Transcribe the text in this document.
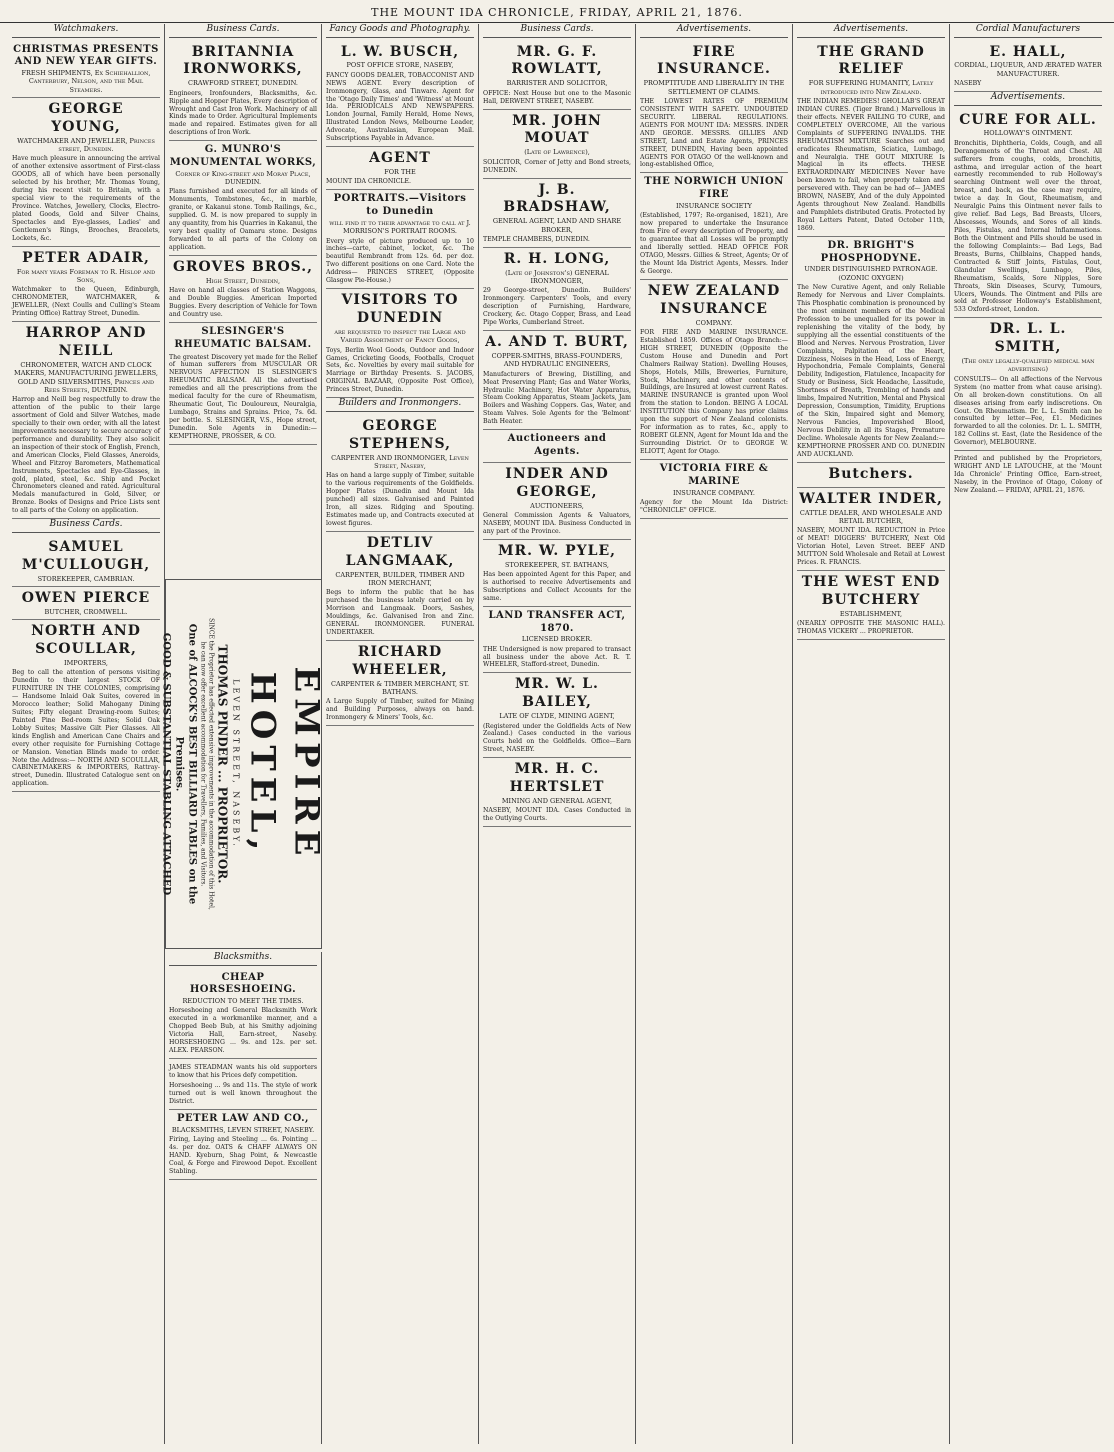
THE MOUNT IDA CHRONICLE, FRIDAY, APRIL 21, 1876.
Watchmakers.
CHRISTMAS PRESENTS AND NEW YEAR GIFTS.
FRESH SHIPMENTS, Ex Schiehallion, Canterbury, Nelson, and the Mail Steamers.
GEORGE YOUNG,
WATCHMAKER AND JEWELLER, Princes street, Dunedin.
Have much pleasure in announcing the arrival of another extensive assortment of First-class GOODS, all of which have been personally selected by his brother, Mr. Thomas Young, during his recent visit to Britain, with a special view to the requirements of the Province. Watches, Jewellery, Clocks, Electro-plated Goods, Gold and Silver Chains, Spectacles and Eye-glasses, Ladies' and Gentlemen's Rings, Brooches, Bracelets, Lockets, &c.
PETER ADAIR,
For many years Foreman to R. Hislop and Sons,
Watchmaker to the Queen, Edinburgh, CHRONOMETER, WATCHMAKER, & JEWELLER, (Next Coulls and Culling's Steam Printing Office) Rattray Street, Dunedin.
HARROP AND NEILL
CHRONOMETER, WATCH AND CLOCK MAKERS, MANUFACTURING JEWELLERS, GOLD AND SILVERSMITHS, Princes and Rees Streets, DUNEDIN.
Harrop and Neill beg respectfully to draw the attention of the public to their large assortment of Gold and Silver Watches, made specially to their own order, with all the latest improvements necessary to secure accuracy of performance and durability. They also solicit an inspection of their stock of English, French, and American Clocks, Field Glasses, Aneroids, Wheel and Fitzroy Barometers, Mathematical Instruments, Spectacles and Eye-Glasses, in gold, plated, steel, &c. Ship and Pocket Chronometers cleaned and rated. Agricultural Medals manufactured in Gold, Silver, or Bronze. Books of Designs and Price Lists sent to all parts of the Colony on application.
Business Cards.
SAMUEL M'CULLOUGH,
STOREKEEPER, CAMBRIAN.
OWEN PIERCE
BUTCHER, CROMWELL.
NORTH AND SCOULLAR,
IMPORTERS,
Beg to call the attention of persons visiting Dunedin to their largest STOCK OF FURNITURE IN THE COLONIES, comprising— Handsome Inlaid Oak Suites, covered in Morocco leather; Solid Mahogany Dining Suites; Fifty elegant Drawing-room Suites; Painted Pine Bed-room Suites; Solid Oak Lobby Suites; Massive Gilt Pier Glasses. All kinds English and American Cane Chairs and every other requisite for Furnishing Cottage or Mansion. Venetian Blinds made to order. Note the Address:— NORTH AND SCOULLAR, CABINETMAKERS & IMPORTERS, Rattray-street, Dunedin. Illustrated Catalogue sent on application.
Business Cards.
BRITANNIA IRONWORKS,
CRAWFORD STREET, DUNEDIN.
Engineers, Ironfounders, Blacksmiths, &c. Ripple and Hopper Plates, Every description of Wrought and Cast Iron Work. Machinery of all Kinds made to Order. Agricultural Implements made and repaired. Estimates given for all descriptions of Iron Work.
G. MUNRO'S MONUMENTAL WORKS,
Corner of King-street and Moray Place, DUNEDIN.
Plans furnished and executed for all kinds of Monuments, Tombstones, &c., in marble, granite, or Kakanui stone. Tomb Railings, &c., supplied. G. M. is now prepared to supply in any quantity, from his Quarries in Kakanui, the very best quality of Oamaru stone. Designs forwarded to all parts of the Colony on application.
GROVES BROS.,
High Street, Dunedin,
Have on hand all classes of Station Waggons, and Double Buggies. American Imported Buggies. Every description of Vehicle for Town and Country use.
SLESINGER'S RHEUMATIC BALSAM.
The greatest Discovery yet made for the Relief of human sufferers from MUSCULAR OR NERVOUS AFFECTION IS SLESINGER'S RHEUMATIC BALSAM. All the advertised remedies and all the prescriptions from the medical faculty for the cure of Rheumatism, Rheumatic Gout, Tic Douloureux, Neuralgia, Lumbago, Strains and Sprains. Price, 7s. 6d. per bottle. S. SLESINGER, V.S., Hope street, Dunedin. Sole Agents in Dunedin:— KEMPTHORNE, PROSSER, & CO.
Fancy Goods and Photography.
L. W. BUSCH,
POST OFFICE STORE, NASEBY,
FANCY GOODS DEALER, TOBACCONIST AND NEWS AGENT. Every description of Ironmongery, Glass, and Tinware. Agent for the 'Otago Daily Times' and 'Witness' at Mount Ida. PERIODICALS AND NEWSPAPERS. London Journal, Family Herald, Home News, Illustrated London News, Melbourne Leader, Advocate, Australasian, European Mail. Subscriptions Payable in Advance.
AGENT
FOR THE
MOUNT IDA CHRONICLE.
PORTRAITS.—Visitors to Dunedin
will find it to their advantage to call at J. MORRISON'S PORTRAIT ROOMS.
Every style of picture produced up to 10 inches—carte, cabinet, locket, &c. The beautiful Rembrandt from 12s. 6d. per doz. Two different positions on one Card. Note the Address— PRINCES STREET, (Opposite Glasgow Pie-House.)
VISITORS TO DUNEDIN
are requested to inspect the Large and Varied Assortment of Fancy Goods,
Toys, Berlin Wool Goods, Outdoor and Indoor Games, Cricketing Goods, Footballs, Croquet Sets, &c. Novelties by every mail suitable for Marriage or Birthday Presents. S. JACOBS, ORIGINAL BAZAAR, (Opposite Post Office), Princes Street, Dunedin.
Builders and Ironmongers.
GEORGE STEPHENS,
CARPENTER AND IRONMONGER, Leven Street, Naseby,
Has on hand a large supply of Timber, suitable to the various requirements of the Goldfields. Hopper Plates (Dunedin and Mount Ida punched) all sizes. Galvanised and Painted Iron, all sizes. Ridging and Spouting. Estimates made up, and Contracts executed at lowest figures.
DETLIV LANGMAAK,
CARPENTER, BUILDER, TIMBER AND IRON MERCHANT,
Begs to inform the public that he has purchased the business lately carried on by Morrison and Langmaak. Doors, Sashes, Mouldings, &c. Galvanised Iron and Zinc. GENERAL IRONMONGER. FUNERAL UNDERTAKER.
RICHARD WHEELER,
CARPENTER & TIMBER MERCHANT, ST. BATHANS.
A Large Supply of Timber, suited for Mining and Building Purposes, always on hand. Ironmongery & Miners' Tools, &c.
Business Cards.
MR. G. F. ROWLATT,
BARRISTER AND SOLICITOR,
OFFICE: Next House but one to the Masonic Hall, DERWENT STREET, NASEBY.
MR. JOHN MOUAT
(Late of Lawrence),
SOLICITOR, Corner of Jetty and Bond streets, DUNEDIN.
J. B. BRADSHAW,
GENERAL AGENT, LAND AND SHARE BROKER,
TEMPLE CHAMBERS, DUNEDIN.
R. H. LONG,
(Late of Johnston's) GENERAL IRONMONGER,
29 George-street, Dunedin. Builders' Ironmongery. Carpenters' Tools, and every description of Furnishing, Hardware, Crockery, &c. Otago Copper, Brass, and Lead Pipe Works, Cumberland Street.
A. AND T. BURT,
COPPER-SMITHS, BRASS-FOUNDERS, AND HYDRAULIC ENGINEERS,
Manufacturers of Brewing, Distilling, and Meat Preserving Plant; Gas and Water Works, Hydraulic Machinery, Hot Water Apparatus, Steam Cooking Apparatus, Steam Jackets, Jam Boilers and Washing Coppers. Gas, Water, and Steam Valves. Sole Agents for the 'Belmont' Bath Heater.
Auctioneers and Agents.
INDER AND GEORGE,
AUCTIONEERS,
General Commission Agents & Valuators, NASEBY, MOUNT IDA. Business Conducted in any part of the Province.
MR. W. PYLE,
STOREKEEPER, ST. BATHANS,
Has been appointed Agent for this Paper, and is authorised to receive Advertisements and Subscriptions and Collect Accounts for the same.
LAND TRANSFER ACT, 1870.
LICENSED BROKER.
THE Undersigned is now prepared to transact all business under the above Act. R. T. WHEELER, Stafford-street, Dunedin.
MR. W. L. BAILEY,
LATE OF CLYDE, MINING AGENT,
(Registered under the Goldfields Acts of New Zealand.) Cases conducted in the various Courts held on the Goldfields. Office—Earn Street, NASEBY.
MR. H. C. HERTSLET
MINING AND GENERAL AGENT,
NASEBY, MOUNT IDA. Cases Conducted in the Outlying Courts.
Advertisements.
FIRE INSURANCE.
PROMPTITUDE AND LIBERALITY IN THE SETTLEMENT OF CLAIMS.
THE LOWEST RATES OF PREMIUM CONSISTENT WITH SAFETY. UNDOUBTED SECURITY. LIBERAL REGULATIONS. AGENTS FOR MOUNT IDA: MESSRS. INDER AND GEORGE. MESSRS. GILLIES AND STREET, Land and Estate Agents, PRINCES STREET, DUNEDIN, Having been appointed AGENTS FOR OTAGO Of the well-known and long-established Office,
THE NORWICH UNION FIRE
INSURANCE SOCIETY
(Established, 1797; Re-organised, 1821), Are now prepared to undertake the Insurance from Fire of every description of Property, and to guarantee that all Losses will be promptly and liberally settled. HEAD OFFICE FOR OTAGO, Messrs. Gillies & Street, Agents; Or of the Mount Ida District Agents, Messrs. Inder & George.
NEW ZEALAND INSURANCE
COMPANY.
FOR FIRE AND MARINE INSURANCE. Established 1859. Offices of Otago Branch:— HIGH STREET, DUNEDIN (Opposite the Custom House and Dunedin and Port Chalmers Railway Station). Dwelling Houses, Shops, Hotels, Mills, Breweries, Furniture, Stock, Machinery, and other contents of Buildings, are Insured at lowest current Rates. MARINE INSURANCE is granted upon Wool from the station to London. BEING A LOCAL INSTITUTION this Company has prior claims upon the support of New Zealand colonists. For information as to rates, &c., apply to ROBERT GLENN, Agent for Mount Ida and the Surrounding District. Or to GEORGE W. ELIOTT, Agent for Otago.
VICTORIA FIRE & MARINE
INSURANCE COMPANY.
Agency for the Mount Ida District: "CHRONICLE" OFFICE.
Advertisements.
THE GRAND RELIEF
FOR SUFFERING HUMANITY, Lately introduced into New Zealand.
THE INDIAN REMEDIES! GHOLLAB'S GREAT INDIAN CURES. (Tiger Brand.) Marvellous in their effects. NEVER FAILING TO CURE, and COMPLETELY OVERCOME, All the various Complaints of SUFFERING INVALIDS. THE RHEUMATISM MIXTURE Searches out and eradicates Rheumatism, Sciatica, Lumbago, and Neuralgia. THE GOUT MIXTURE Is Magical in its effects. THESE EXTRAORDINARY MEDICINES Never have been known to fail, when properly taken and persevered with. They can be had of— JAMES BROWN, NASEBY, And of the duly Appointed Agents throughout New Zealand. Handbills and Pamphlets distributed Gratis. Protected by Royal Letters Patent, Dated October 11th, 1869.
DR. BRIGHT'S PHOSPHODYNE.
UNDER DISTINGUISHED PATRONAGE. (OZONIC OXYGEN)
The New Curative Agent, and only Reliable Remedy for Nervous and Liver Complaints. This Phosphatic combination is pronounced by the most eminent members of the Medical Profession to be unequalled for its power in replenishing the vitality of the body, by supplying all the essential constituents of the Blood and Nerves. Nervous Prostration, Liver Complaints, Palpitation of the Heart, Dizziness, Noises in the Head, Loss of Energy, Hypochondria, Female Complaints, General Debility, Indigestion, Flatulence, Incapacity for Study or Business, Sick Headache, Lassitude, Shortness of Breath, Trembling of hands and limbs, Impaired Nutrition, Mental and Physical Depression, Consumption, Timidity, Eruptions of the Skin, Impaired sight and Memory, Nervous Fancies, Impoverished Blood, Nervous Debility in all its Stages, Premature Decline. Wholesale Agents for New Zealand:— KEMPTHORNE PROSSER AND CO. DUNEDIN AND AUCKLAND.
Butchers.
WALTER INDER,
CATTLE DEALER, AND WHOLESALE AND RETAIL BUTCHER,
NASEBY, MOUNT IDA. REDUCTION in Price of MEAT! DIGGERS' BUTCHERY, Next Old Victorian Hotel, Leven Street. BEEF AND MUTTON Sold Wholesale and Retail at Lowest Prices. R. FRANCIS.
THE WEST END BUTCHERY
ESTABLISHMENT,
(NEARLY OPPOSITE THE MASONIC HALL). THOMAS VICKERY ... PROPRIETOR.
Cordial Manufacturers
E. HALL,
CORDIAL, LIQUEUR, AND ÆRATED WATER MANUFACTURER.
NASEBY
Advertisements.
CURE FOR ALL.
HOLLOWAY'S OINTMENT.
Bronchitis, Diphtheria, Colds, Cough, and all Derangements of the Throat and Chest. All sufferers from coughs, colds, bronchitis, asthma, and irregular action of the heart earnestly recommended to rub Holloway's searching Ointment well over the throat, breast, and back, as the case may require, twice a day. In Gout, Rheumatism, and Neuralgic Pains this Ointment never fails to give relief. Bad Legs, Bad Breasts, Ulcers, Abscesses, Wounds, and Sores of all kinds. Piles, Fistulas, and Internal Inflammations. Both the Ointment and Pills should be used in the following Complaints:— Bad Legs, Bad Breasts, Burns, Chilblains, Chapped hands, Contracted & Stiff Joints, Fistulas, Gout, Glandular Swellings, Lumbago, Piles, Rheumatism, Scalds, Sore Nipples, Sore Throats, Skin Diseases, Scurvy, Tumours, Ulcers, Wounds. The Ointment and Pills are sold at Professor Holloway's Establishment, 533 Oxford-street, London.
DR. L. L. SMITH,
(The only legally-qualified medical man advertising)
CONSULTS— On all affections of the Nervous System (no matter from what cause arising). On all broken-down constitutions. On all diseases arising from early indiscretions. On Gout. On Rheumatism. Dr. L. L. Smith can be consulted by letter—Fee, £1. Medicines forwarded to all the colonies. Dr. L. L. SMITH, 182 Collins st. East, (late the Residence of the Governor), MELBOURNE.
Printed and published by the Proprietors, WRIGHT AND LE LATOUCHE, at the 'Mount Ida Chronicle' Printing Office, Earn-street, Naseby, in the Province of Otago, Colony of New Zealand.— FRIDAY, APRIL 21, 1876.
EMPIRE HOTEL,
LEVEN STREET, NASEBY.
THOMAS PINDER ... PROPRIETOR.
SINCE the Proprietor has effected extensive improvements in the accommodation of this Hotel, he can now offer excellent accommodation for Travellers, Families, and Visitors.
One of ALCOCK'S BEST BILLIARD TABLES on the Premises.
GOOD & SUBSTANTIAL STABLING ATTACHED
Blacksmiths.
CHEAP HORSESHOEING.
REDUCTION TO MEET THE TIMES.
Horseshoeing and General Blacksmith Work executed in a workmanlike manner, and a Chopped Beeb Bub, at his Smithy adjoining Victoria Hall, Earn-street, Naseby. HORSESHOEING ... 9s. and 12s. per set. ALEX. PEARSON.
JAMES STEADMAN wants his old supporters to know that his Prices defy competition.
Horseshoeing ... 9s and 11s. The style of work turned out is well known throughout the District.
PETER LAW AND CO.,
BLACKSMITHS, LEVEN STREET, NASEBY.
Firing, Laying and Steeling ... 6s. Pointing ... 4s. per doz. OATS & CHAFF ALWAYS ON HAND. Kyeburn, Shag Point, & Newcastle Coal, & Forge and Firewood Depot. Excellent Stabling.
